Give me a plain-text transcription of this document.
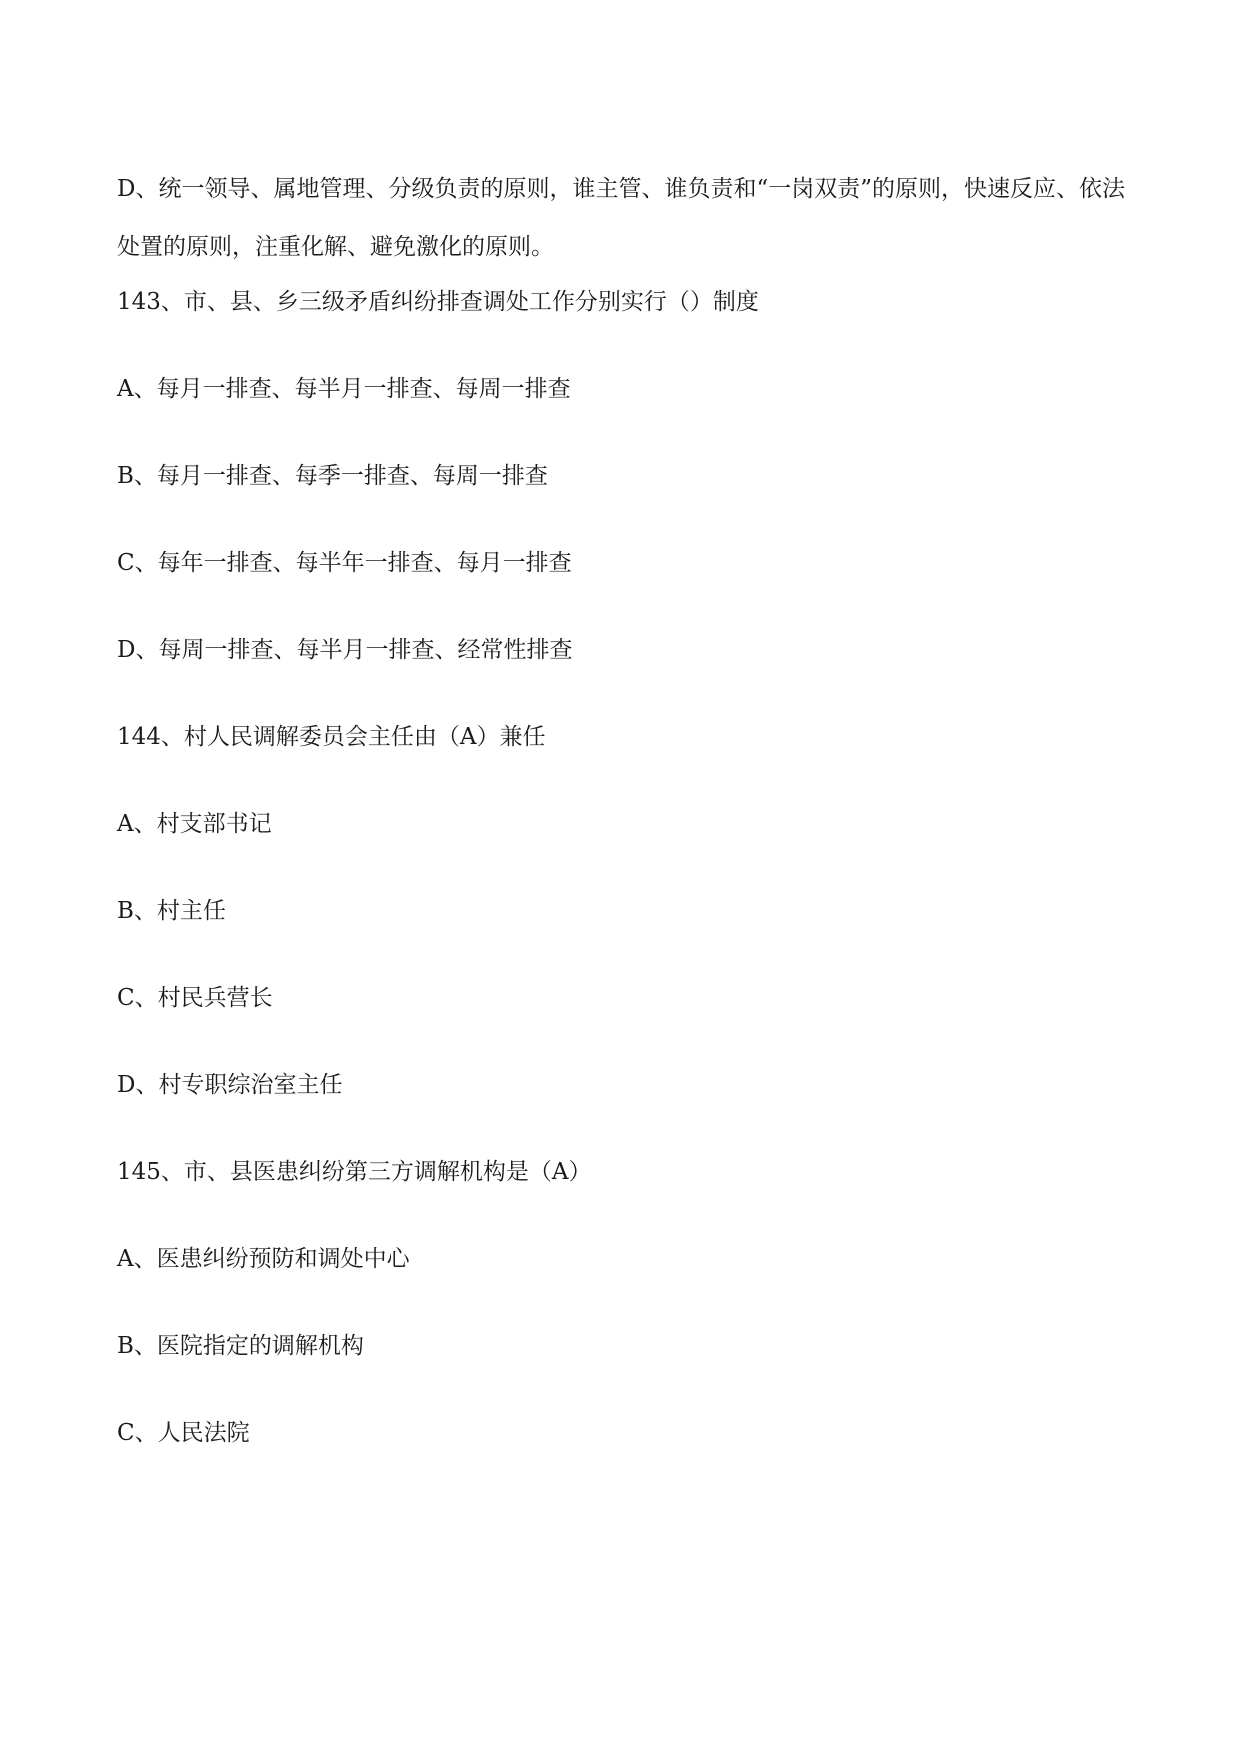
D、统一领导、属地管理、分级负责的原则，谁主管、谁负责和“一岗双责”的原则，快速反应、依法处置的原则，注重化解、避免激化的原则。
143、市、县、乡三级矛盾纠纷排查调处工作分别实行（）制度
A、每月一排查、每半月一排查、每周一排查
B、每月一排查、每季一排查、每周一排查
C、每年一排查、每半年一排查、每月一排查
D、每周一排查、每半月一排查、经常性排查
144、村人民调解委员会主任由（A）兼任
A、村支部书记
B、村主任
C、村民兵营长
D、村专职综治室主任
145、市、县医患纠纷第三方调解机构是（A）
A、医患纠纷预防和调处中心
B、医院指定的调解机构
C、人民法院
